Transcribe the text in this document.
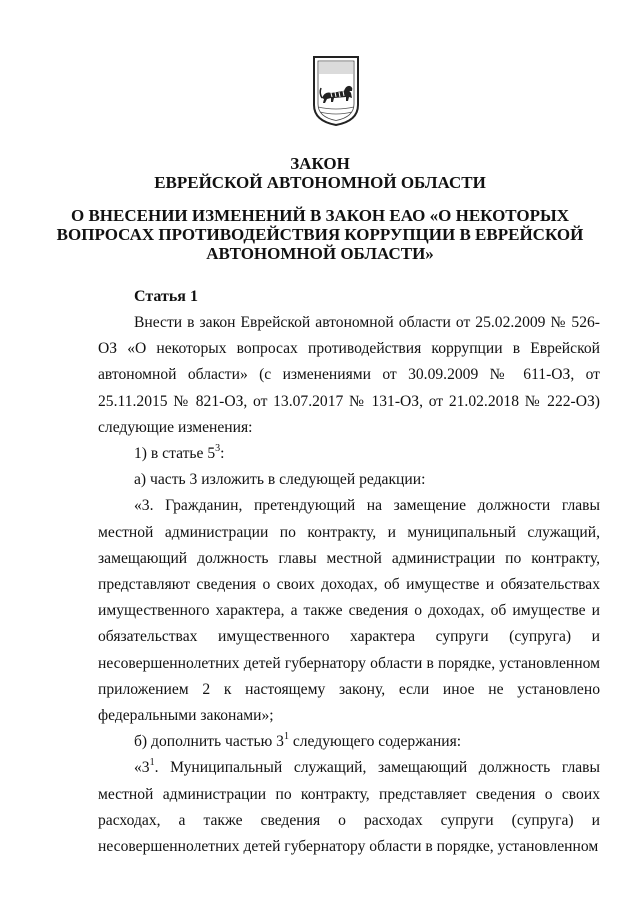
ЗАКОН
ЕВРЕЙСКОЙ АВТОНОМНОЙ ОБЛАСТИ
О ВНЕСЕНИИ ИЗМЕНЕНИЙ В ЗАКОН ЕАО «О НЕКОТОРЫХ
ВОПРОСАХ ПРОТИВОДЕЙСТВИЯ КОРРУПЦИИ В ЕВРЕЙСКОЙ
АВТОНОМНОЙ ОБЛАСТИ»
Статья 1

Внести в закон Еврейской автономной области от 25.02.2009 № 526-ОЗ «О некоторых вопросах противодействия коррупции в Еврейской автономной области» (с изменениями от 30.09.2009 № 611-ОЗ, от 25.11.2015 № 821-ОЗ, от 13.07.2017 № 131-ОЗ, от 21.02.2018 № 222-ОЗ) следующие изменения:

1) в статье $5^3$:

а) часть 3 изложить в следующей редакции:

«3. Гражданин, претендующий на замещение должности главы местной администрации по контракту, и муниципальный служащий, замещающий должность главы местной администрации по контракту, представляют сведения о своих доходах, об имуществе и обязательствах имущественного характера, а также сведения о доходах, об имуществе и обязательствах имущественного характера супруги (супруга) и несовершеннолетних детей губернатору области в порядке, установленном приложением 2 к настоящему закону, если иное не установлено федеральными законами»;

б) дополнить частью $3^1$ следующего содержания:

«$3^1$. Муниципальный служащий, замещающий должность главы местной администрации по контракту, представляет сведения о своих расходах, а также сведения о расходах супруги (супруга) и несовершеннолетних детей губернатору области в порядке, установленном
